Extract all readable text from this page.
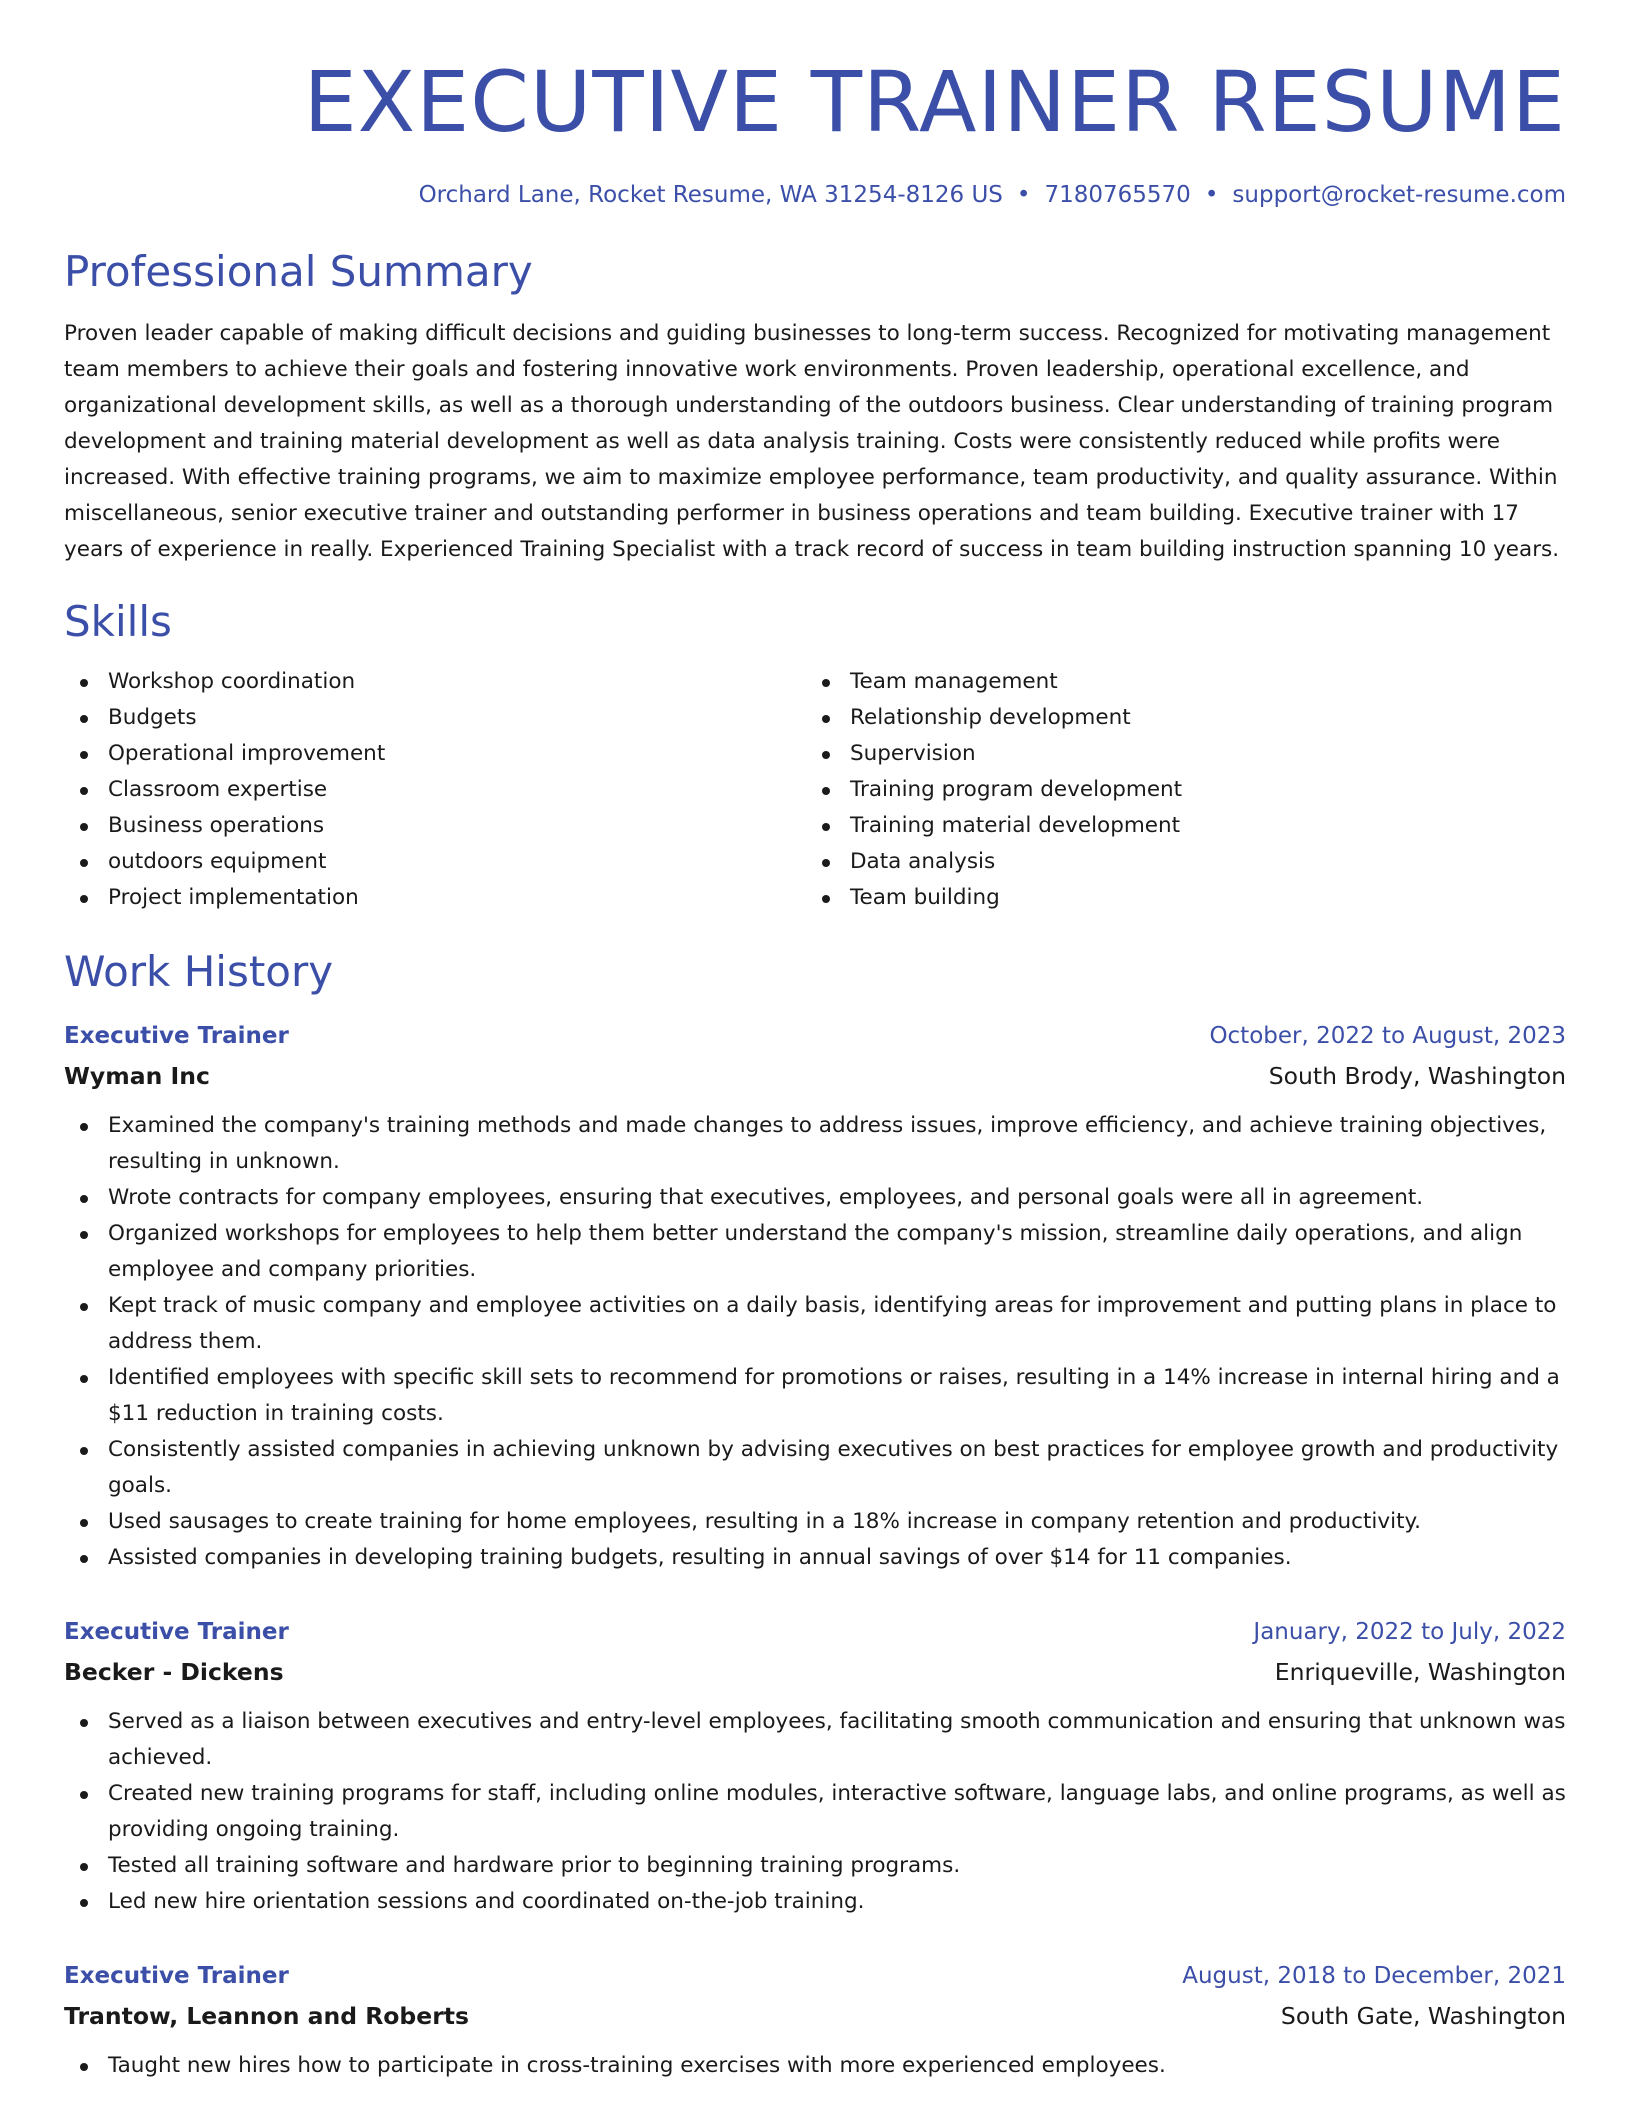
EXECUTIVE TRAINER RESUME
Orchard Lane, Rocket Resume, WA 31254-8126 US • 7180765570 • support@rocket-resume.com
Professional Summary
Proven leader capable of making difficult decisions and guiding businesses to long-term success. Recognized for motivating management team members to achieve their goals and fostering innovative work environments. Proven leadership, operational excellence, and organizational development skills, as well as a thorough understanding of the outdoors business. Clear understanding of training program development and training material development as well as data analysis training. Costs were consistently reduced while profits were increased. With effective training programs, we aim to maximize employee performance, team productivity, and quality assurance. Within miscellaneous, senior executive trainer and outstanding performer in business operations and team building. Executive trainer with 17 years of experience in really. Experienced Training Specialist with a track record of success in team building instruction spanning 10 years.
Skills
Workshop coordination
Budgets
Operational improvement
Classroom expertise
Business operations
outdoors equipment
Project implementation
Team management
Relationship development
Supervision
Training program development
Training material development
Data analysis
Team building
Work History
Executive Trainer	October, 2022 to August, 2023
Wyman Inc	South Brody, Washington
Examined the company's training methods and made changes to address issues, improve efficiency, and achieve training objectives, resulting in unknown.
Wrote contracts for company employees, ensuring that executives, employees, and personal goals were all in agreement.
Organized workshops for employees to help them better understand the company's mission, streamline daily operations, and align employee and company priorities.
Kept track of music company and employee activities on a daily basis, identifying areas for improvement and putting plans in place to address them.
Identified employees with specific skill sets to recommend for promotions or raises, resulting in a 14% increase in internal hiring and a $11 reduction in training costs.
Consistently assisted companies in achieving unknown by advising executives on best practices for employee growth and productivity goals.
Used sausages to create training for home employees, resulting in a 18% increase in company retention and productivity.
Assisted companies in developing training budgets, resulting in annual savings of over $14 for 11 companies.
Executive Trainer	January, 2022 to July, 2022
Becker - Dickens	Enriqueville, Washington
Served as a liaison between executives and entry-level employees, facilitating smooth communication and ensuring that unknown was achieved.
Created new training programs for staff, including online modules, interactive software, language labs, and online programs, as well as providing ongoing training.
Tested all training software and hardware prior to beginning training programs.
Led new hire orientation sessions and coordinated on-the-job training.
Executive Trainer	August, 2018 to December, 2021
Trantow, Leannon and Roberts	South Gate, Washington
Taught new hires how to participate in cross-training exercises with more experienced employees.
